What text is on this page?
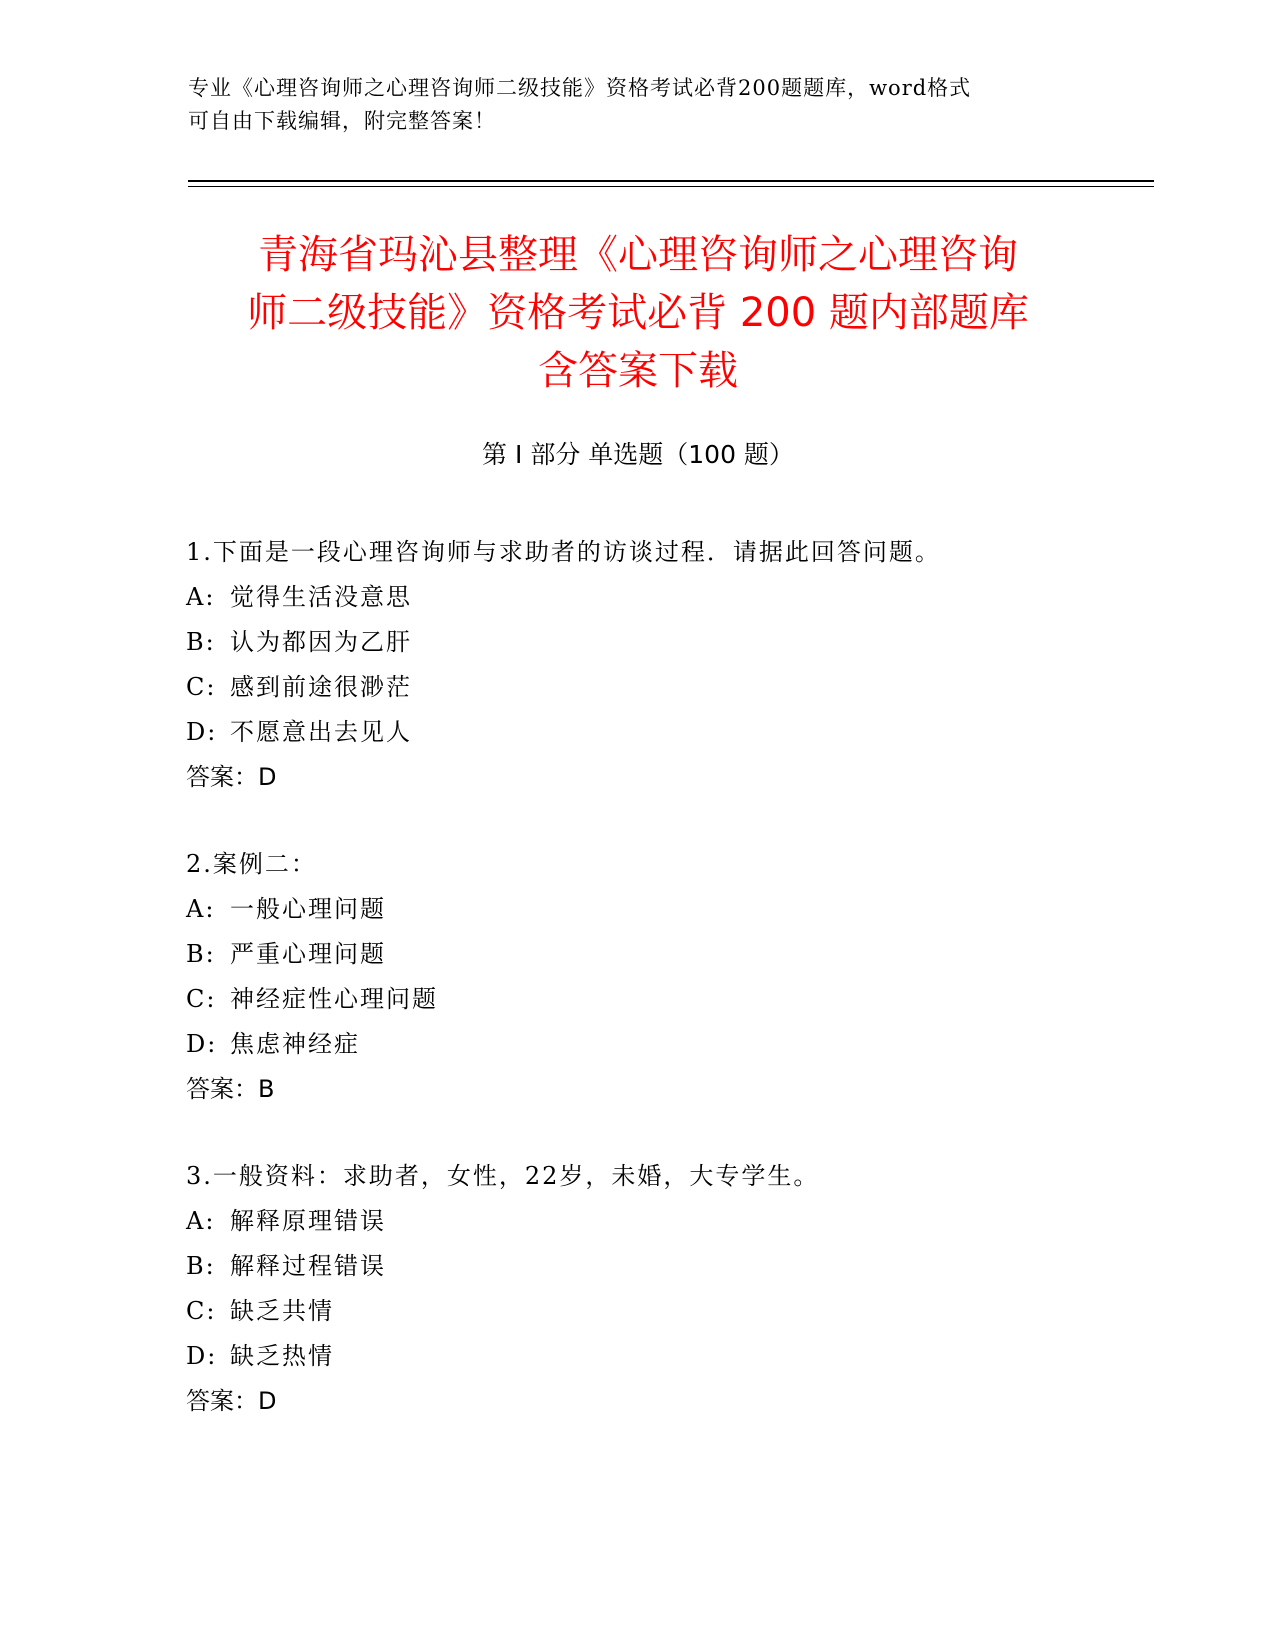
专业《心理咨询师之心理咨询师二级技能》资格考试必背200题题库，word格式
可自由下载编辑，附完整答案！
青海省玛沁县整理《心理咨询师之心理咨询
师二级技能》资格考试必背 200 题内部题库
含答案下载
第 I 部分 单选题（100 题）
1.下面是一段心理咨询师与求助者的访谈过程．请据此回答问题。
A: 觉得生活没意思
B: 认为都因为乙肝
C: 感到前途很渺茫
D: 不愿意出去见人
答案：D
2.案例二：
A: 一般心理问题
B: 严重心理问题
C: 神经症性心理问题
D: 焦虑神经症
答案：B
3.一般资料：求助者，女性，22岁，未婚，大专学生。
A: 解释原理错误
B: 解释过程错误
C: 缺乏共情
D: 缺乏热情
答案：D
